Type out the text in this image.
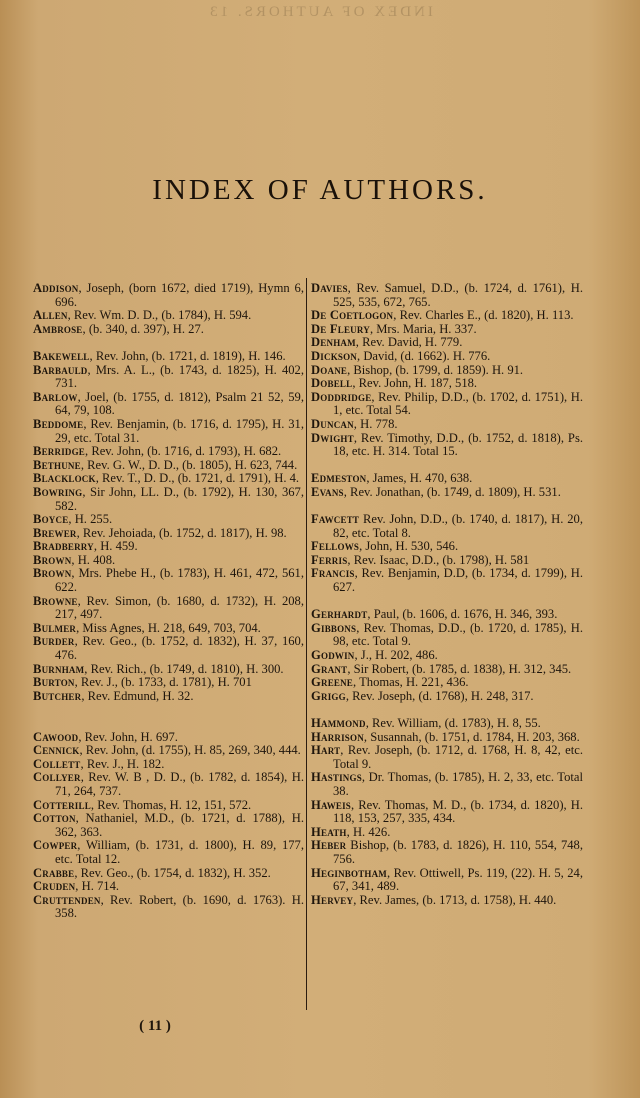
INDEX OF AUTHORS. 13
INDEX OF AUTHORS.
Addison, Joseph, (born 1672, died 1719), Hymn 6, 696.
Allen, Rev. Wm. D. D., (b. 1784), H. 594.
Ambrose, (b. 340, d. 397), H. 27.
Bakewell, Rev. John, (b. 1721, d. 1819), H. 146.
Barbauld, Mrs. A. L., (b. 1743, d. 1825), H. 402, 731.
Barlow, Joel, (b. 1755, d. 1812), Psalm 21 52, 59, 64, 79, 108.
Beddome, Rev. Benjamin, (b. 1716, d. 1795), H. 31, 29, etc. Total 31.
Berridge, Rev. John, (b. 1716, d. 1793), H. 682.
Bethune, Rev. G. W., D. D., (b. 1805), H. 623, 744.
Blacklock, Rev. T., D. D., (b. 1721, d. 1791), H. 4.
Bowring, Sir John, LL. D., (b. 1792), H. 130, 367, 582.
Boyce, H. 255.
Brewer, Rev. Jehoiada, (b. 1752, d. 1817), H. 98.
Bradberry, H. 459.
Brown, H. 408.
Brown, Mrs. Phebe H., (b. 1783), H. 461, 472, 561, 622.
Browne, Rev. Simon, (b. 1680, d. 1732), H. 208, 217, 497.
Bulmer, Miss Agnes, H. 218, 649, 703, 704.
Burder, Rev. Geo., (b. 1752, d. 1832), H. 37, 160, 476.
Burnham, Rev. Rich., (b. 1749, d. 1810), H. 300.
Burton, Rev. J., (b. 1733, d. 1781), H. 701
Butcher, Rev. Edmund, H. 32.
Cawood, Rev. John, H. 697.
Cennick, Rev. John, (d. 1755), H. 85, 269, 340, 444.
Collett, Rev. J., H. 182.
Collyer, Rev. W. B , D. D., (b. 1782, d. 1854), H. 71, 264, 737.
Cotterill, Rev. Thomas, H. 12, 151, 572.
Cotton, Nathaniel, M.D., (b. 1721, d. 1788), H. 362, 363.
Cowper, William, (b. 1731, d. 1800), H. 89, 177, etc. Total 12.
Crabbe, Rev. Geo., (b. 1754, d. 1832), H. 352.
Cruden, H. 714.
Cruttenden, Rev. Robert, (b. 1690, d. 1763). H. 358.
Davies, Rev. Samuel, D.D., (b. 1724, d. 1761), H. 525, 535, 672, 765.
De Coetlogon, Rev. Charles E., (d. 1820), H. 113.
De Fleury, Mrs. Maria, H. 337.
Denham, Rev. David, H. 779.
Dickson, David, (d. 1662). H. 776.
Doane, Bishop, (b. 1799, d. 1859). H. 91.
Dobell, Rev. John, H. 187, 518.
Doddridge, Rev. Philip, D.D., (b. 1702, d. 1751), H. 1, etc. Total 54.
Duncan, H. 778.
Dwight, Rev. Timothy, D.D., (b. 1752, d. 1818), Ps. 18, etc. H. 314. Total 15.
Edmeston, James, H. 470, 638.
Evans, Rev. Jonathan, (b. 1749, d. 1809), H. 531.
Fawcett Rev. John, D.D., (b. 1740, d. 1817), H. 20, 82, etc. Total 8.
Fellows, John, H. 530, 546.
Ferris, Rev. Isaac, D.D., (b. 1798), H. 581
Francis, Rev. Benjamin, D.D, (b. 1734, d. 1799), H. 627.
Gerhardt, Paul, (b. 1606, d. 1676, H. 346, 393.
Gibbons, Rev. Thomas, D.D., (b. 1720, d. 1785), H. 98, etc. Total 9.
Godwin, J., H. 202, 486.
Grant, Sir Robert, (b. 1785, d. 1838), H. 312, 345.
Greene, Thomas, H. 221, 436.
Grigg, Rev. Joseph, (d. 1768), H. 248, 317.
Hammond, Rev. William, (d. 1783), H. 8, 55.
Harrison, Susannah, (b. 1751, d. 1784, H. 203, 368.
Hart, Rev. Joseph, (b. 1712, d. 1768, H. 8, 42, etc. Total 9.
Hastings, Dr. Thomas, (b. 1785), H. 2, 33, etc. Total 38.
Haweis, Rev. Thomas, M. D., (b. 1734, d. 1820), H. 118, 153, 257, 335, 434.
Heath, H. 426.
Heber Bishop, (b. 1783, d. 1826), H. 110, 554, 748, 756.
Heginbotham, Rev. Ottiwell, Ps. 119, (22). H. 5, 24, 67, 341, 489.
Hervey, Rev. James, (b. 1713, d. 1758), H. 440.
( 11 )
